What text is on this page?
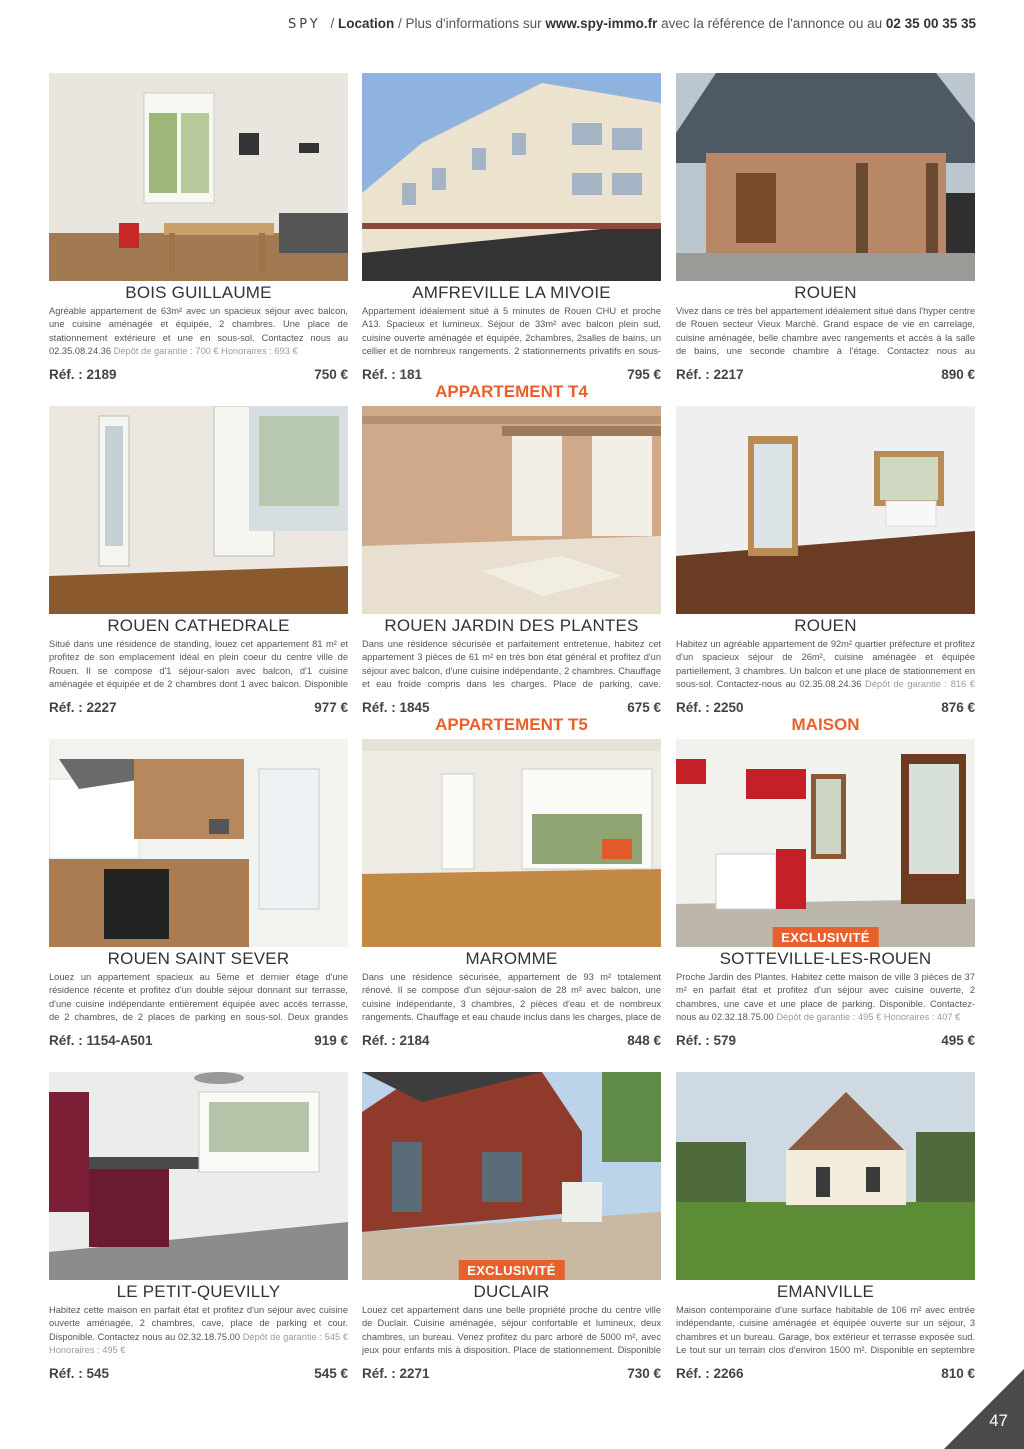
SPY / Location / Plus d'informations sur www.spy-immo.fr avec la référence de l'annonce ou au 02 35 00 35 35
APPARTEMENT T4
APPARTEMENT T5	MAISON
BOIS GUILLAUME

Agréable appartement de 63m² avec un spacieux séjour avec balcon, une cuisine aménagée et équipée, 2 chambres. Une place de stationnement extérieure et une en sous-sol. Contactez nous au 02.35.08.24.36 Dépôt de garantie : 700 € Honoraires : 693 €

Réf. : 2189	750 €
AMFREVILLE LA MIVOIE

Appartement idéalement situé à 5 minutes de Rouen CHU et proche A13. Spacieux et lumineux. Séjour de 33m² avec balcon plein sud, cuisine ouverte aménagée et équipée, 2chambres, 2salles de bains, un cellier et de nombreux rangements. 2 stationnements privatifs en sous-

Réf. : 181	795 €
ROUEN

Vivez dans ce très bel appartement idéalement situé dans l'hyper centre de Rouen secteur Vieux Marché. Grand espace de vie en carrelage, cuisine aménagée, belle chambre avec rangements et accès à la salle de bains, une seconde chambre à l'étage. Contactez nous au

Réf. : 2217	890 €
ROUEN CATHEDRALE

Situé dans une résidence de standing, louez cet appartement 81 m² et profitez de son emplacement idéal en plein coeur du centre ville de Rouen. Il se compose d'1 séjour-salon avec balcon, d'1 cuisine aménagée et équipée et de 2 chambres dont 1 avec balcon. Disponible

Réf. : 2227	977 €
ROUEN JARDIN DES PLANTES

Dans une résidence sécurisée et parfaitement entretenue, habitez cet appartement 3 pièces de 61 m² en très bon état général et profitez d'un séjour avec balcon, d'une cuisine indépendante, 2 chambres. Chauffage et eau froide compris dans les charges. Place de parking, cave.

Réf. : 1845	675 €
ROUEN

Habitez un agréable appartement de 92m² quartier préfecture et profitez d'un spacieux séjour de 26m², cuisine aménagée et équipée partiellement, 3 chambres. Un balcon et une place de stationnement en sous-sol. Contactez-nous au 02.35.08.24.36 Dépôt de garantie : 816 €

Réf. : 2250	876 €
ROUEN SAINT SEVER

Louez un appartement spacieux au 5ème et dernier étage d'une résidence récente et profitez d'un double séjour donnant sur terrasse, d'une cuisine indépendante entièrement équipée avec accès terrasse, de 2 chambres, de 2 places de parking en sous-sol. Deux grandes

Réf. : 1154-A501	919 €
MAROMME

Dans une résidence sécurisée, appartement de 93 m² totalement rénové. Il se compose d'un séjour-salon de 28 m² avec balcon, une cuisine indépendante, 3 chambres, 2 pièces d'eau et de nombreux rangements. Chauffage et eau chaude inclus dans les charges, place de

Réf. : 2184	848 €
EXCLUSIVITÉ
SOTTEVILLE-LES-ROUEN

Proche Jardin des Plantes. Habitez cette maison de ville 3 pièces de 37 m² en parfait état et profitez d'un séjour avec cuisine ouverte, 2 chambres, une cave et une place de parking. Disponible. Contactez-nous au 02.32.18.75.00 Dépôt de garantie : 495 € Honoraires : 407 €

Réf. : 579	495 €
LE PETIT-QUEVILLY

Habitez cette maison en parfait état et profitez d'un séjour avec cuisine ouverte aménagée, 2 chambres, cave, place de parking et cour. Disponible. Contactez nous au 02.32.18.75.00 Dépôt de garantie : 545 € Honoraires : 495 €

Réf. : 545	545 €
EXCLUSIVITÉ
DUCLAIR

Louez cet appartement dans une belle propriété proche du centre ville de Duclair. Cuisine aménagée, séjour confortable et lumineux, deux chambres, un bureau. Venez profitez du parc arboré de 5000 m², avec jeux pour enfants mis à disposition. Place de stationnement. Disponible

Réf. : 2271	730 €
EMANVILLE

Maison contemporaine d'une surface habitable de 106 m² avec entrée indépendante, cuisine aménagée et équipée ouverte sur un séjour, 3 chambres et un bureau. Garage, box extérieur et terrasse exposée sud. Le tout sur un terrain clos d'environ 1500 m². Disponible en septembre

Réf. : 2266	810 €
47
